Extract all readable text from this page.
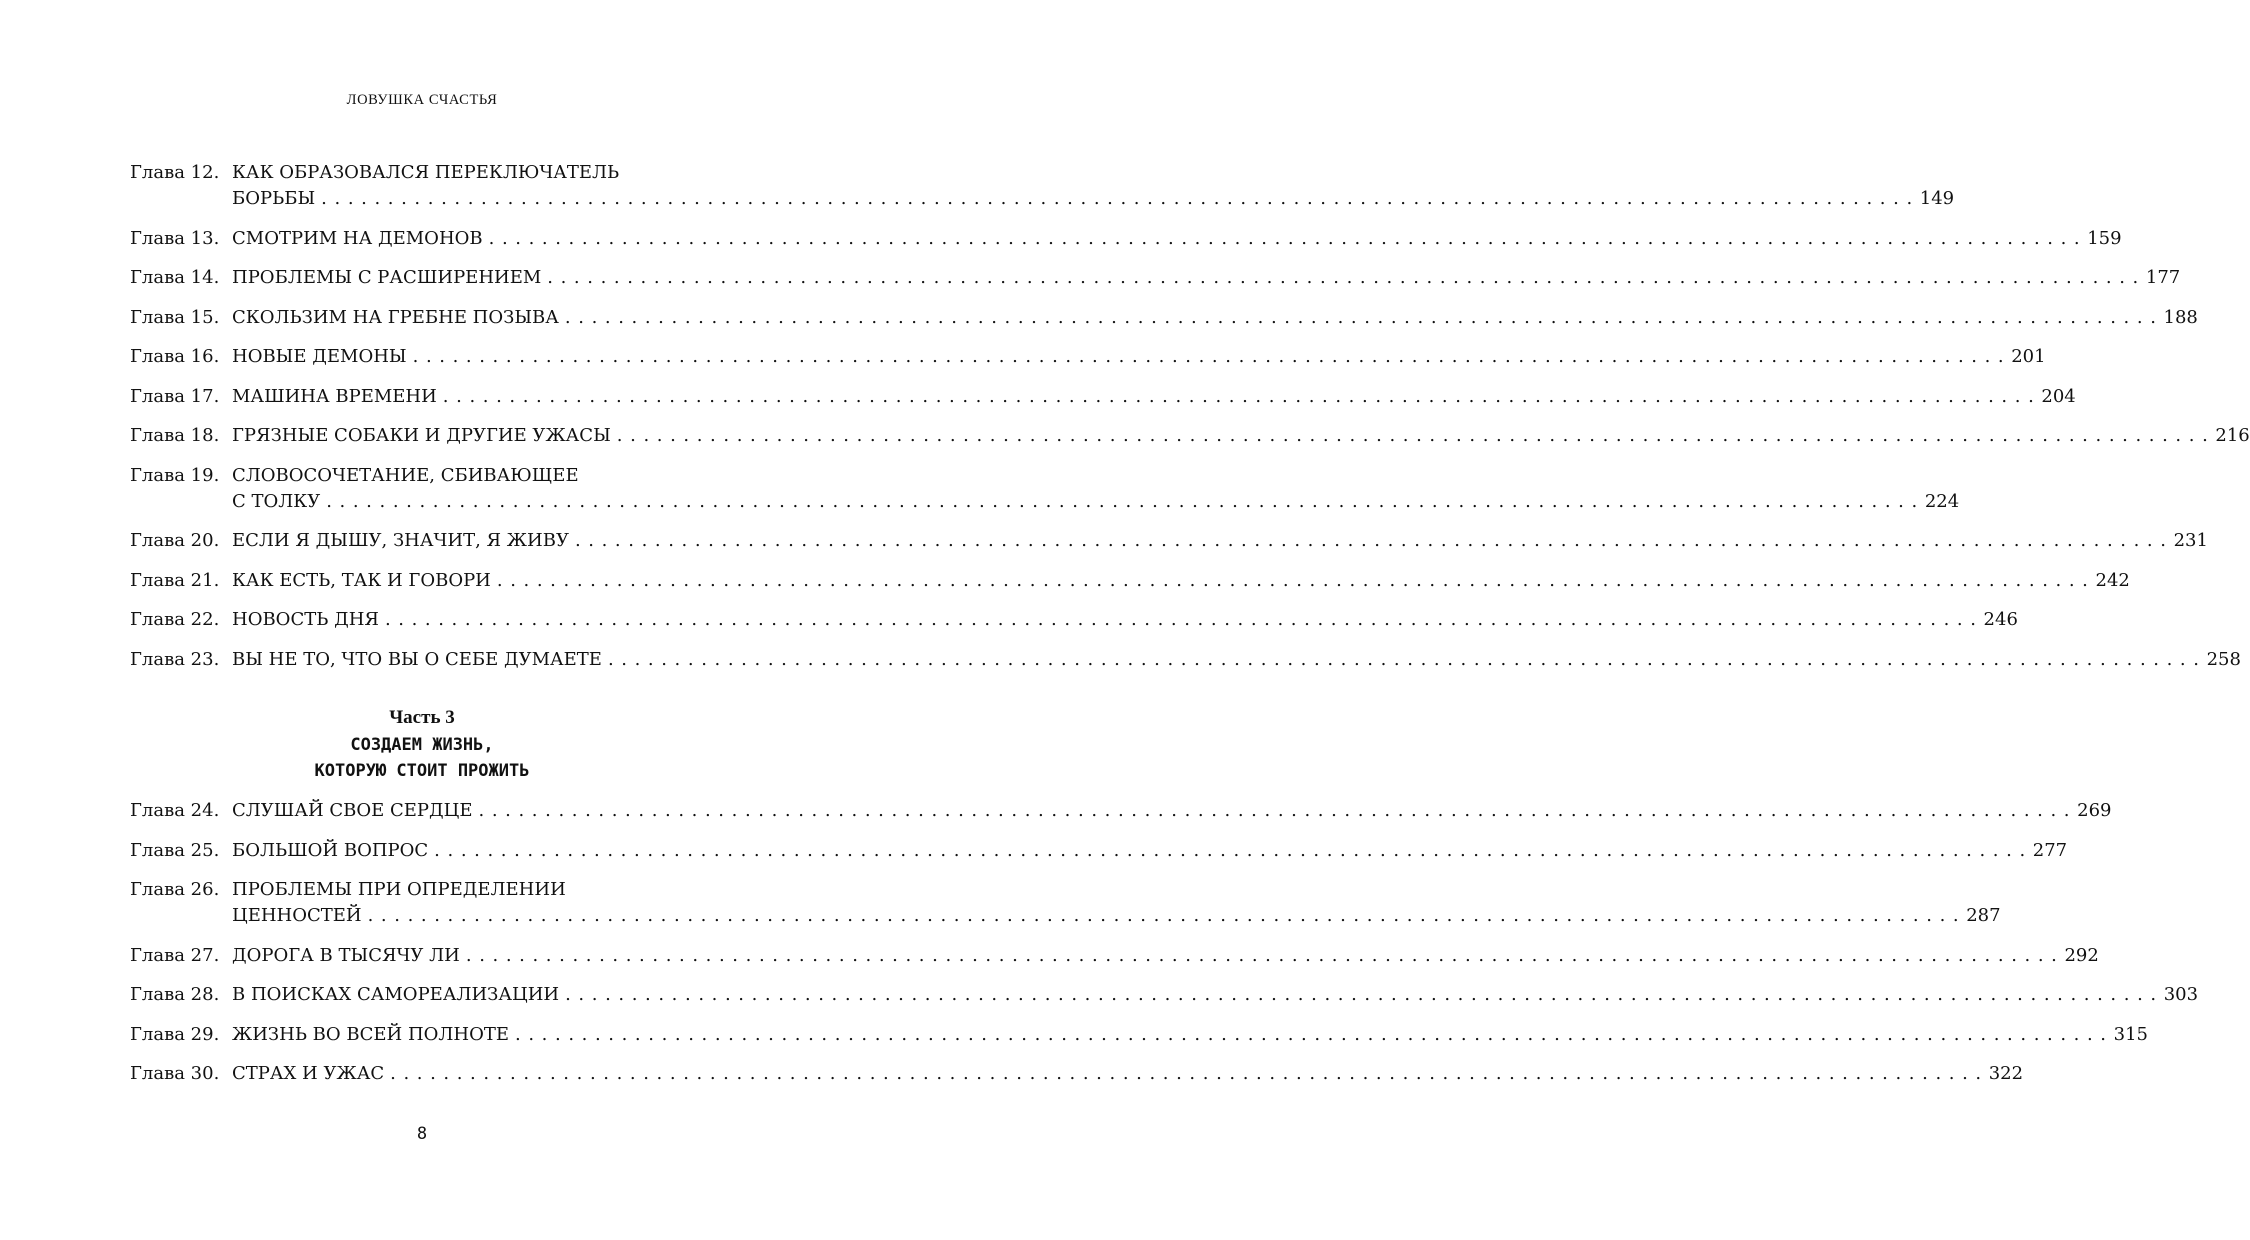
ЛОВУШКА СЧАСТЬЯ
Глава 12. КАК ОБРАЗОВАЛСЯ ПЕРЕКЛЮЧАТЕЛЬ
БОРЬБЫ ........................................................................................................................ 149
Глава 13. СМОТРИМ НА ДЕМОНОВ ........................................................................................................................ 159
Глава 14. ПРОБЛЕМЫ С РАСШИРЕНИЕМ ........................................................................................................................ 177
Глава 15. СКОЛЬЗИМ НА ГРЕБНЕ ПОЗЫВА ........................................................................................................................ 188
Глава 16. НОВЫЕ ДЕМОНЫ ........................................................................................................................ 201
Глава 17. МАШИНА ВРЕМЕНИ ........................................................................................................................ 204
Глава 18. ГРЯЗНЫЕ СОБАКИ И ДРУГИЕ УЖАСЫ ........................................................................................................................ 216
Глава 19. СЛОВОСОЧЕТАНИЕ, СБИВАЮЩЕЕ
С ТОЛКУ ........................................................................................................................ 224
Глава 20. ЕСЛИ Я ДЫШУ, ЗНАЧИТ, Я ЖИВУ ........................................................................................................................ 231
Глава 21. КАК ЕСТЬ, ТАК И ГОВОРИ ........................................................................................................................ 242
Глава 22. НОВОСТЬ ДНЯ ........................................................................................................................ 246
Глава 23. ВЫ НЕ ТО, ЧТО ВЫ О СЕБЕ ДУМАЕТЕ ........................................................................................................................ 258
Часть 3
СОЗДАЕМ ЖИЗНЬ,
КОТОРУЮ СТОИТ ПРОЖИТЬ
Глава 24. СЛУШАЙ СВОЕ СЕРДЦЕ ........................................................................................................................ 269
Глава 25. БОЛЬШОЙ ВОПРОС ........................................................................................................................ 277
Глава 26. ПРОБЛЕМЫ ПРИ ОПРЕДЕЛЕНИИ
ЦЕННОСТЕЙ ........................................................................................................................ 287
Глава 27. ДОРОГА В ТЫСЯЧУ ЛИ ........................................................................................................................ 292
Глава 28. В ПОИСКАХ САМОРЕАЛИЗАЦИИ ........................................................................................................................ 303
Глава 29. ЖИЗНЬ ВО ВСЕЙ ПОЛНОТЕ ........................................................................................................................ 315
Глава 30. СТРАХ И УЖАС ........................................................................................................................ 322
8
